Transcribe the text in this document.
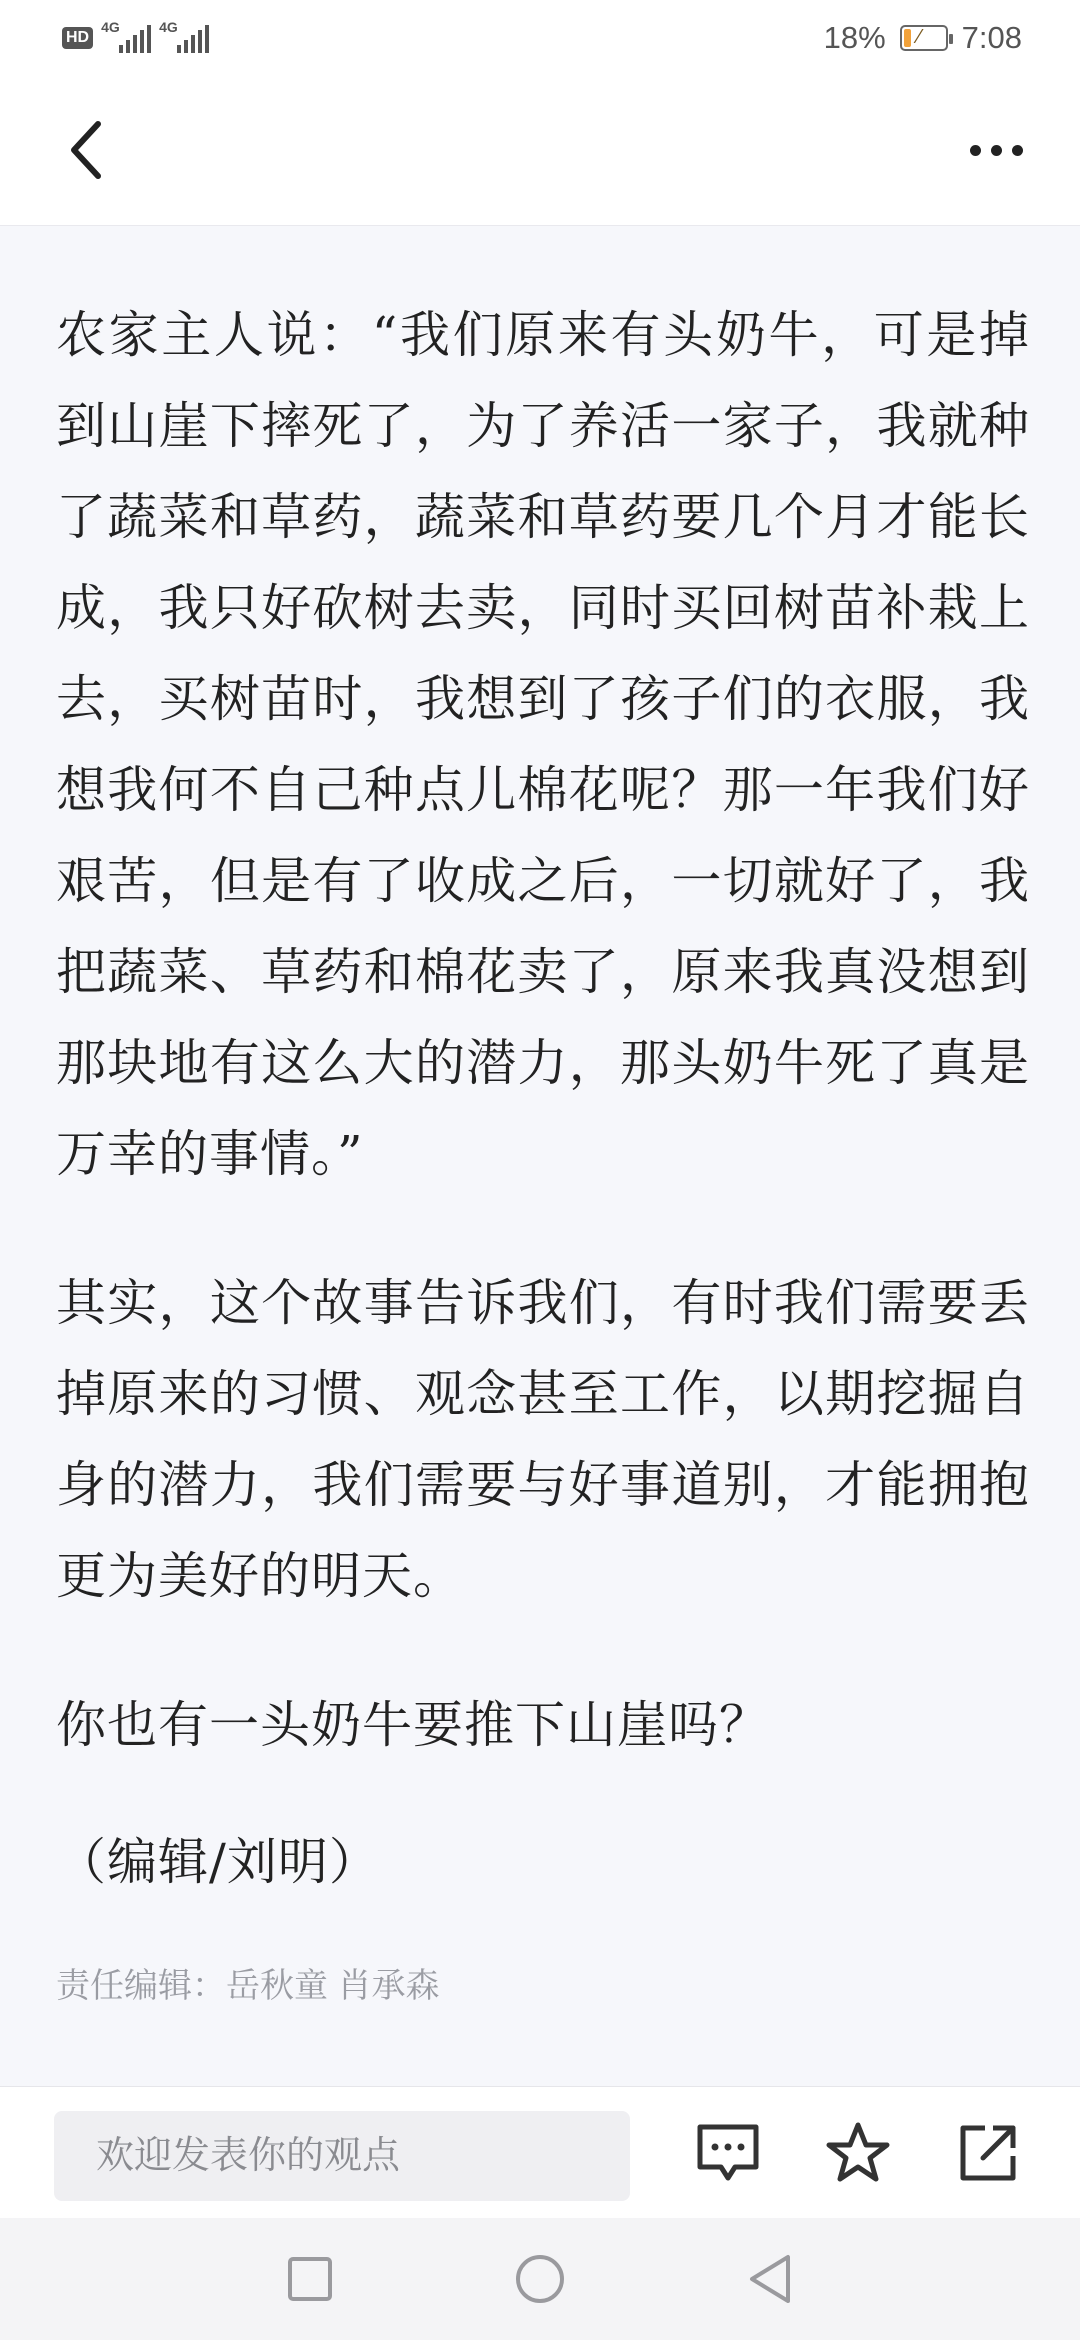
HD
4G	4G	18% ⁄ 7:08

农家主人说：“我们原来有头奶牛，可是掉到山崖下摔死了，为了养活一家子，我就种了蔬菜和草药，蔬菜和草药要几个月才能长成，我只好砍树去卖，同时买回树苗补栽上去，买树苗时，我想到了孩子们的衣服，我想我何不自己种点儿棉花呢？那一年我们好艰苦，但是有了收成之后，一切就好了，我把蔬菜、草药和棉花卖了，原来我真没想到那块地有这么大的潜力，那头奶牛死了真是万幸的事情。”

其实，这个故事告诉我们，有时我们需要丢掉原来的习惯、观念甚至工作，以期挖掘自身的潜力，我们需要与好事道别，才能拥抱更为美好的明天。

你也有一头奶牛要推下山崖吗？

（编辑/刘明）

责任编辑：岳秋童 肖承森

欢迎发表你的观点
